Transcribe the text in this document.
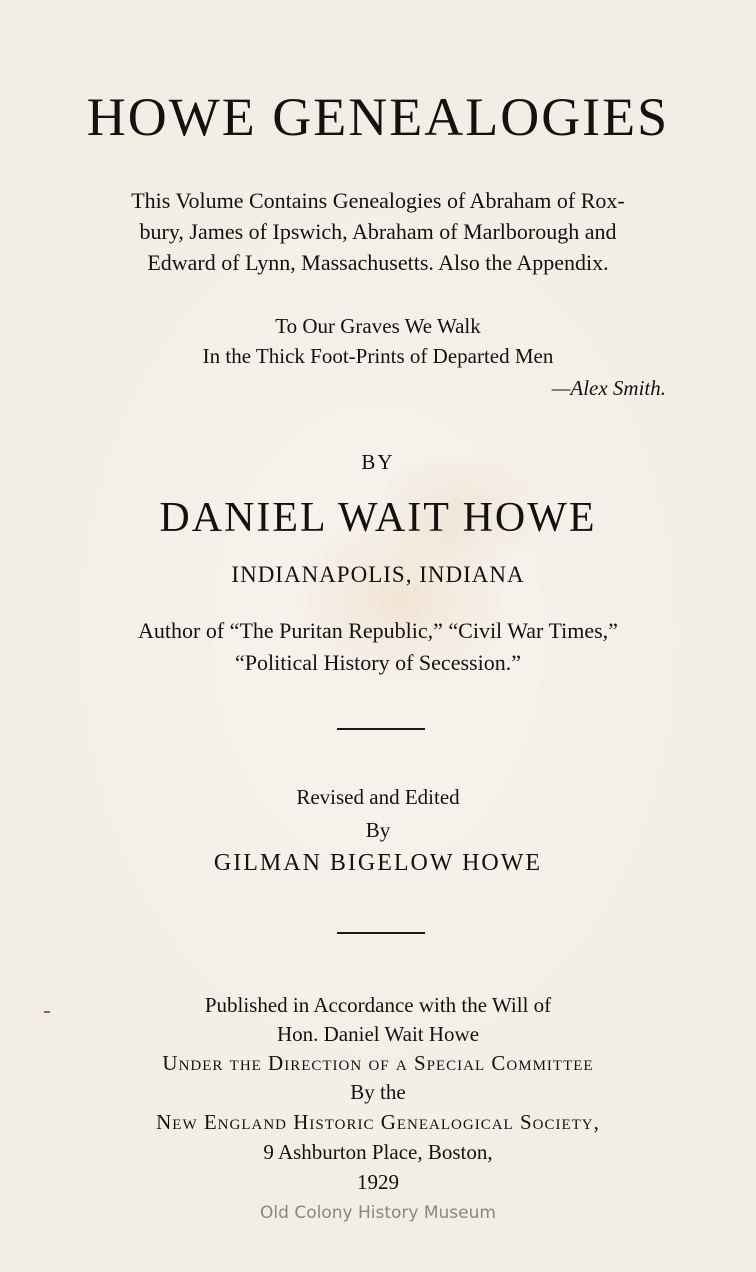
HOWE GENEALOGIES
This Volume Contains Genealogies of Abraham of Rox-
bury, James of Ipswich, Abraham of Marlborough and
Edward of Lynn, Massachusetts. Also the Appendix.
To Our Graves We Walk
In the Thick Foot-Prints of Departed Men
—Alex Smith.
BY
DANIEL WAIT HOWE
INDIANAPOLIS, INDIANA
Author of “The Puritan Republic,” “Civil War Times,”
“Political History of Secession.”
Revised and Edited
By
GILMAN BIGELOW HOWE
Published in Accordance with the Will of
Hon. Daniel Wait Howe
Under the Direction of a Special Committee
By the
New England Historic Genealogical Society,
9 Ashburton Place, Boston,
1929
Old Colony History Museum
